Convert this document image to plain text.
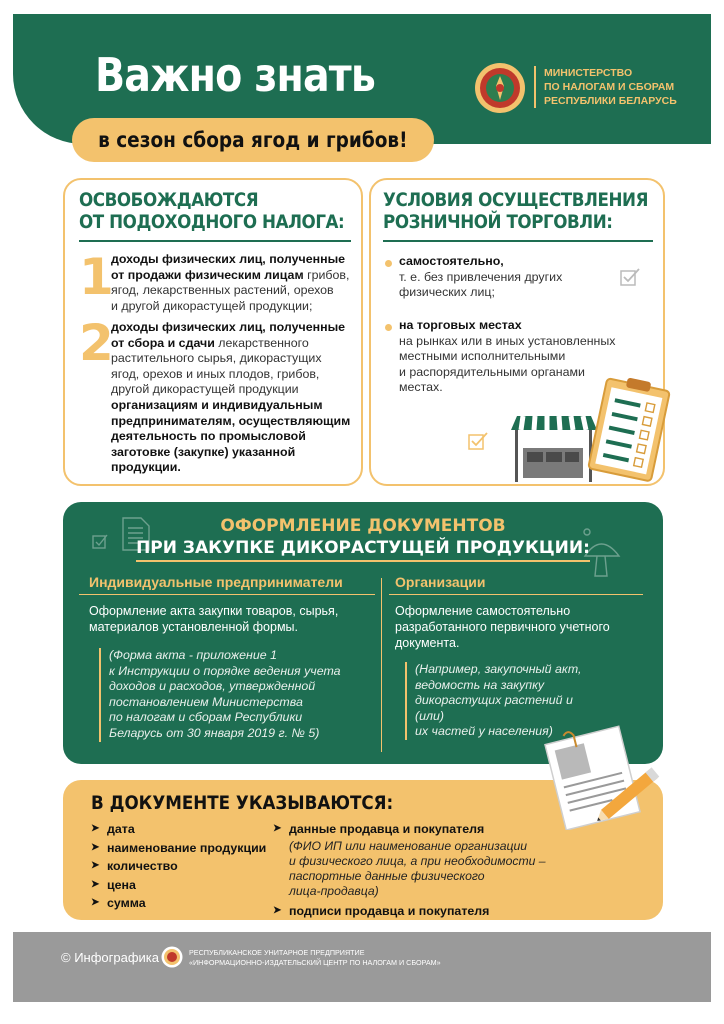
Важно знать
в сезон сбора ягод и грибов!
МИНИСТЕРСТВО
ПО НАЛОГАМ И СБОРАМ
РЕСПУБЛИКИ БЕЛАРУСЬ
ОСВОБОЖДАЮТСЯ
ОТ ПОДОХОДНОГО НАЛОГА:
1
доходы физических лиц, полученные
от продажи физическим лицам грибов,
ягод, лекарственных растений, орехов
и другой дикорастущей продукции;
2
доходы физических лиц, полученные
от сбора и сдачи лекарственного
растительного сырья, дикорастущих
ягод, орехов и иных плодов, грибов,
другой дикорастущей продукции
организациям и индивидуальным
предпринимателям, осуществляющим
деятельность по промысловой
заготовке (закупке) указанной
продукции.
УСЛОВИЯ ОСУЩЕСТВЛЕНИЯ
РОЗНИЧНОЙ ТОРГОВЛИ:
самостоятельно,
т. е. без привлечения других
физических лиц;
на торговых местах
на рынках или в иных установленных
местными исполнительными
и распорядительными органами
местах.
ОФОРМЛЕНИЕ ДОКУМЕНТОВ
ПРИ ЗАКУПКЕ ДИКОРАСТУЩЕЙ ПРОДУКЦИИ:
Индивидуальные предприниматели	Организации
Оформление акта закупки товаров, сырья,
материалов установленной формы.
(Форма акта - приложение 1
к Инструкции о порядке ведения учета
доходов и расходов, утвержденной
постановлением Министерства
по налогам и сборам Республики
Беларусь от 30 января 2019 г. № 5)
Оформление самостоятельно
разработанного первичного учетного
документа.
(Например, закупочный акт,
ведомость на закупку
дикорастущих растений и (или)
их частей у населения)
В ДОКУМЕНТЕ УКАЗЫВАЮТСЯ:
➤ дата
➤ наименование продукции
➤ количество
➤ цена
➤ сумма
➤ данные продавца и покупателя
(ФИО ИП или наименование организации
и физического лица, а при необходимости –
паспортные данные физического
лица-продавца)
➤ подписи продавца и покупателя
© Инфографика	РЕСПУБЛИКАНСКОЕ УНИТАРНОЕ ПРЕДПРИЯТИЕ
«ИНФОРМАЦИОННО-ИЗДАТЕЛЬСКИЙ ЦЕНТР ПО НАЛОГАМ И СБОРАМ»
